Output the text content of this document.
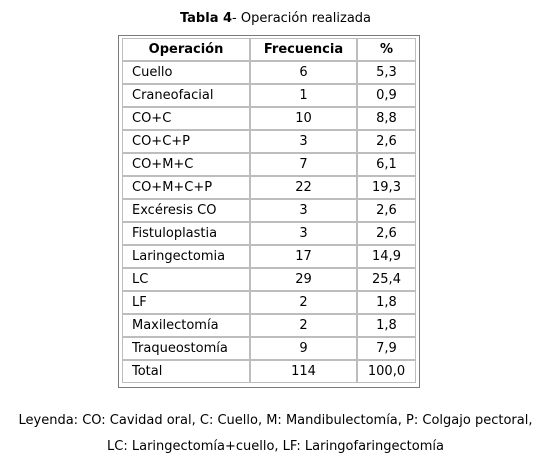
Tabla 4- Operación realizada
Operación	Frecuencia	%
Cuello	6	5,3
Craneofacial	1	0,9
CO+C	10	8,8
CO+C+P	3	2,6
CO+M+C	7	6,1
CO+M+C+P	22	19,3
Excéresis CO	3	2,6
Fistuloplastia	3	2,6
Laringectomia	17	14,9
LC	29	25,4
LF	2	1,8
Maxilectomía	2	1,8
Traqueostomía	9	7,9
Total	114	100,0
Leyenda: CO: Cavidad oral, C: Cuello, M: Mandibulectomía, P: Colgajo pectoral,
LC: Laringectomía+cuello, LF: Laringofaringectomía
